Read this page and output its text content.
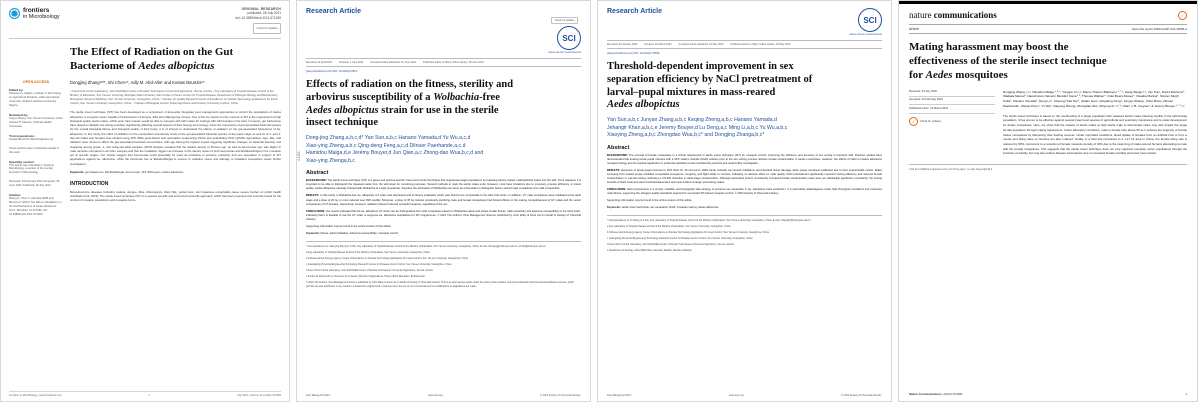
frontiers
in Microbiology
ORIGINAL RESEARCH
published: 28 July 2021
doi: 10.3389/fmicb.2021.671369
Check for updates
OPEN ACCESS
Edited by:
Olusesan A. Fadare, Institute of Technology on Agricultural Products, Hefei Agricultural University, Obafemi Awolowo University, Nigeria
Reviewed by:
Xiaoyu Zhang, Sun Yat-sen University, China Andrew P. Gleeson, Orlando Health, Tennessee
*Correspondence:
Kostas Bourtzis K.Bourtzis@iaea.org
These authors have contributed equally to this work
Specialty section:
This article was submitted to Systems Microbiology, a section of the journal Frontiers in Microbiology
Received: 23 February 2021 Accepted: 28 June 2021 Published: 28 July 2021
Citation:
Zhang D, Chen S, Abd-Alla AMM and Bourtzis K (2021) The Effect of Radiation on the Gut Bacteriome of Aedes albopictus. Front. Microbiol. 12:671369. doi: 10.3389/fmicb.2021.671369
The Effect of Radiation on the Gut
Bacteriome of Aedes albopictus
Dongjing Zhang¹²³*, Shi Chen⁴*, Adly M. Abd-Alla⁵ and Kostas Bourtzis⁵*
¹ Insect Pest Control Laboratory, Joint FAO/IAEA Centre of Nuclear Techniques in Food and Agriculture, Vienna, Austria, ² Key Laboratory of Tropical Disease Control of the Ministry of Education, Sun Yat-sen University–Michigan State University Joint Center of Vector Control for Tropical Disease, Department of Pathogen Biology and Biochemistry, Zhongshan School of Medicine, Sun Yat-sen University, Guangzhou, China, ³ Climate, Air Quality Research Centre of Excellence on Nuclear Technology Applications for Insect Control, Sun Yat-sen University, Guangzhou, China, ⁴ Institute of Biological Control, Fujian Agriculture and Forestry University, Fuzhou, China
The sterile insect technique (SIT) has been developed as a component of area-wide integrated pest management approaches to control the populations of Aedes albopictus, a mosquito vector capable of transmission of dengue, Zika and chikungunya viruses. One of the key factors for the success of SIT is the requirement of high biological quality sterile males, which upon their release would be able to compete with wild males for matings with wild females in the field. In insects, gut bacteriome have played a catalytic role during evolution significantly affecting several aspects of their biology and ecology. Given the importance of gut-associated bacterial species for the overall biological fitness and biological quality of their hosts, it is of interest to understand the effects of radiation on the gut-associated bacteriome of Ae. albopictus. In this study, the effect of radiation on the composition and density levels of the gut-associated bacterial species at the pupal stage as well as at 1- and 4-day-old males and females was studied using 16S rRNA gene-based next generation sequencing (NGS) and quantitative PCR (qPCR) approaches. Age, diet, and radiation were shown to affect the gut-associated bacterial communities, with age having the highest impact triggering significant changes on bacterial diversity and clustering among pupae, 1- and 4-day-old adult samples. qPCR analysis revealed that the relative density of Proteus spp. as well as Aeromonas spp. was higher in male samples compared to all other samples and that the irradiation triggers an increase in the density levels of both Aeromonas and Elizabethkingia in the mosquito gut at specific stages. Our results suggest that Aeromonas could potentially be used as probiotics to enhance protandry and sex separation in support of SIT applications against Ae. albopictus, while the functional role of Elizabethkingia in respect to oxidative stress and damage in irradiated mosquitoes needs further investigation.
Keywords: gut bacteriome, Elizabethkingia, Aeromonas, 16S rRNA gene, Aedes albopictus
INTRODUCTION
Mosquito-borne diseases including malaria, dengue, Zika, chikungunya, West Nile, yellow fever, and Japanese encephalitis cause severe burden on public health worldwide (Colt, 2019). The sterile insect technique (SIT) is a species-specific and environment-friendly approach, which has been proposed and currently tested for the control of mosquito populations and mosquito-borne
Frontiers in Microbiology | www.frontiersin.org	1	July 2021 | Volume 12 | Article 671369
Research Article
Check for updates
SCI
where science meets business
Received: 11 April 2021	Revised: 1 June 2021	Accepted article published: 10 June 2021	Published online in Wiley Online Library: 28 June 2021
(wileyonlinelibrary.com) DOI: 10.1002/ps.6513
Effects of radiation on the fitness, sterility and
arbovirus susceptibility of a Wolbachia-free
Aedes albopictus strain for use in the sterile
insect technique
Dong-jing Zhang,a,b,c,d* Yan Sun,a,b,c Hanano Yamada,d Yu Wu,a,c,d
Xiao-ying Zheng,a,b,c Qing-deng Feng,a,c,d Dilnuer Paerhande,a,c,d
Hamidou Maiga,d,e Jérémy Bouyer,d Jun Qian,a,c Zhong-dao Wua,b,c,d and
Xiao-ying Zhenga,b,c
Abstract
BACKGROUND: The sterile insect technique (SIT) is a green and species-specific insect pest control technique that suppresses target populations by releasing factory-reared, radiosterilized males into the wild. Once released, it is important to be able to distinguish the released males from the wild strain for monitoring purposes. Several methods to mark the sterile males exist. However, most have limitations due to monetary, process efficiency, or insect quality. Aedes albopictus naturally infected with Wolbachia at a high prevalence, therefore the elimination of Wolbachia can serve as a biomarker to distinguish factory-reared male mosquitoes from wild conspecifics.
RESULTS: In this study, a Wolbachia-free Ae. albopictus GT strain was developed and its fitness evaluated, which was found to be comparable to the wild GUA strain. In addition, GT male mosquitoes were irradiated at the adult stage and a dose of 20 Gy or more induced over 99% sterility. Moreover, a dose of 35 Gy (almost completely sterilizing male and female mosquitoes) had limited effects on the mating competitiveness of GT males and the vector competence of GT females, respectively. However, radiation induced reduced mosquito longevity, regardless of the sex.
CONCLUSION: Our results indicated that the Ae. albopictus GT strain can be distinguished from wild mosquitoes based on Wolbachia status and shows similar fitness, radio-sensitivity and arbovirus susceptibility to the GUA strain, indicating that it is feasible to use the GT strain to suppress Ae. albopictus populations for SIT programmes. © 2021 The Authors. Pest Management Science published by John Wiley & Sons Ltd on behalf of Society of Chemical Industry.
Supporting information may be found in the online version of this article.
Keywords: fitness; adult irradiation; arbovirus susceptibility; mosquito control

* Correspondence to: Xiao-ying Zheng or Z Wu, Key Laboratory of Tropical Disease Control of the Ministry of Education, Sun Yat-sen University, Guangzhou, China. E-mail: zhengxy@mail.sysu.edu.cn; wuzhd@mail.sysu.edu.cn

a Key Laboratory of Tropical Disease Control of the Ministry of Education, Sun Yat-sen University, Guangzhou, China

b Chinese Atomic Energy Agency Center of Excellence on Nuclear Technology Applications for Insect Control, Sun Yat-sen University, Guangzhou, China

c Guangdong Provincial Engineering Technology Research Center for Disease-Vector Control, Sun Yat-sen University, Guangzhou, China

d Insect Pest Control Laboratory, Joint FAO/IAEA Centre of Nuclear Techniques in Food and Agriculture, Vienna, Austria

e Institut de Recherche en Sciences de la Santé / Direction Régionale de l'Ouest, Bobo-Dioulasso, Burkina Faso

© 2021 The Authors. Pest Management Science published by John Wiley & Sons Ltd on behalf of Society of Chemical Industry. This is an open access article under the terms of the Creative Commons Attribution-NonCommercial-NoDerivs License, which permits use and distribution in any medium, provided the original work is properly cited, the use is non-commercial and no modifications or adaptations are made.
4186
Pest Manag Sci 2021;	www.soci.org	© 2021 Society of Chemical Industry.
Research Article
SCI
where science meets business
Received: 26 January 2023	Revised: 19 March 2023	Accepted article published: 10 May 2023	Published online in Wiley Online Library: 29 May 2023
(wileyonlinelibrary.com) DOI: 10.1002/ps.75596
Threshold-dependent improvement in sex
separation efficiency by NaCl pretreatment of
larval–pupal mixtures in mass-reared
Aedes albopictus
Yan Sun,a,b,c Junyan Zhang,a,b,c Keqing Zheng,a,b,c Hanano Yamada,d
Jehangir Khan,a,b,c,e Jeremy Bouyer,d Lu Deng,a,c Ming Li,a,b,c Yu Wu,a,b,c
Xiaoying Zheng,a,b,c Zhongdao Wua,b,c* and Dongjing Zhanga,b,c*
Abstract
BACKGROUND: The removal of female mosquitoes is a critical requirement in sterile insect technique (SIT) for mosquito control. Improving the efficiency and accuracy of sex sorting is therefore vital. Previous studies have demonstrated that treating larval–pupal mixtures with a 15% sodium chloride (NaCl) solution prior to the sex sorting process reduces female contamination in Aedes mosquitoes. However, the effects of NaCl on Aedes albopictus mosquito biology and its practical application in production facilities remain insufficiently explored and need further investigation.
RESULTS: Exposure of larval–pupal mixtures to 15% NaCl for 40 min led to 100% larval mortality via osmotic imbalance and intestinal tissue damage, while pupae remained unaffected due to their impermeable cuticle. Males emerging from treated pupae exhibited comparable emergence, longevity, and flight ability to controls, indicating no adverse effect on male quality. NaCl pretreatment significantly improved sorting efficiency and reduced female contamination in manual sorting, achieving a 3.8-fold reduction in adult-stage contamination. Although automated sorters consistently increased female contamination rates were not statistically significant. Importantly, the sorting benefits of NaCl treatment were threshold-dependent and most evident at larger processing scales.
CONCLUSION: NaCl pretreatment is a simple, scalable, and biologically safe strategy to enhance sex separation in Ae. albopictus mass production. It is particularly advantageous under high-throughput conditions and preserves male fitness, supporting the stringent quality standards required for successful SIT-based mosquito control. © 2023 Society of Chemical Industry.
Supporting information may be found in the online version of this article.
Keywords: sterile insect technique; sex separation; NaCl; mosquito rearing; Aedes albopictus

* Correspondence to: D Zhang or Z Wu, Key Laboratory of Tropical Disease Control of the Ministry of Education, Sun Yat-sen University, Guangzhou, China. E-mail: zhangdj7@mail.sysu.edu.cn

a Key Laboratory of Tropical Disease Control of the Ministry of Education, Sun Yat-sen University, Guangzhou, China

b Chinese Atomic Energy Agency Center of Excellence on Nuclear Technology Applications for Insect Control, Sun Yat-sen University, Guangzhou, China

c Guangdong Provincial Engineering Technology Research Center for Disease-Vector Control, Sun Yat-sen University, Guangzhou, China

d Insect Pest Control Laboratory, Joint FAO/IAEA Centre of Nuclear Techniques in Food and Agriculture, Vienna, Austria

e Department of Zoology, Abdul Wali Khan University Mardan, Mardan, Pakistan

Pest Manag Sci 2023;	www.soci.org	© 2023 Society of Chemical Industry.
nature communications	✓
Article	https://doi.org/10.1038/s41467-024-46598-w
Mating harassment may boost the
effectiveness of the sterile insect technique
for Aedes mosquitoes
Received: 23 July 2020
Accepted: 20 February 2024
Published online: 14 March 2024
✓	Check for updates
Dongjing Zhang ¹,²,³, Hamidou Maiga ⁴,⁵,⁶, Yongjun Li¹,²,³, Mamo Thierno Bakhoum ⁴,⁷,⁸, Gang Wang¹,²,³, Yan Sun¹, David Damiens⁴, Wadaka Mamai⁴, Nanwintoum Séverin Bénidict Somé⁴,⁶, Thomas Wallner⁴, Odet Boers-Moses⁴, Claudia Marina⁴, Simran Singh Kotla⁴, Hanano Yamada⁴, Deng Lu⁴, Cheong Huat Tan⁹, Jiatian Guo¹, Qingdeng Feng¹, Junyan Zhang¹, Xufei Zhao¹, Dilnuer Paerhande¹, Wenjie Pan¹,², Yu Wu¹, Xiaoying Zheng¹, Zhongdao Wu¹, Zhiyong Xi ¹,¹⁰,ⁱ¹, Marc J. B. Vreysen⁴ & Jeremy Bouyer ⁴,⁷,⁸,¹²
The sterile insect technique is based on the overflooding of a target population with released sterile males inducing sterility in the wild female population. It has proven to be effective against several insect pest species of agricultural and veterinary importance and is under development for Aedes mosquitoes. Here, we show that the release of sterile males at high sterile male to wild female ratios may also impact the target female population through mating harassment. Under laboratory conditions, male to female ratio above 50-to-1 reduces the longevity of female Aedes mosquitoes by hampering their feeding success. Under controlled conditions, blood uptake of females from an artificial host or from a mouse and biting rates on humans are also reduced. Finally, in a field trial conducted in a 1.17 ha area in China, the female biting rate is reduced by 80%, concurrent to a reduction of female mosquito density of 40% due to the swarming of males around humans attempting to mate with the female mosquitoes. This suggests that the sterile insect technique does not only suppress mosquito vector populations through the induction of sterility, but may also reduce disease transmission due to increased female mortality and lower host contact.
A full list of affiliations appears at the end of the paper. | e-mail: bouyer@mail.fr
Nature Communications | (2024) 15:9081	1
